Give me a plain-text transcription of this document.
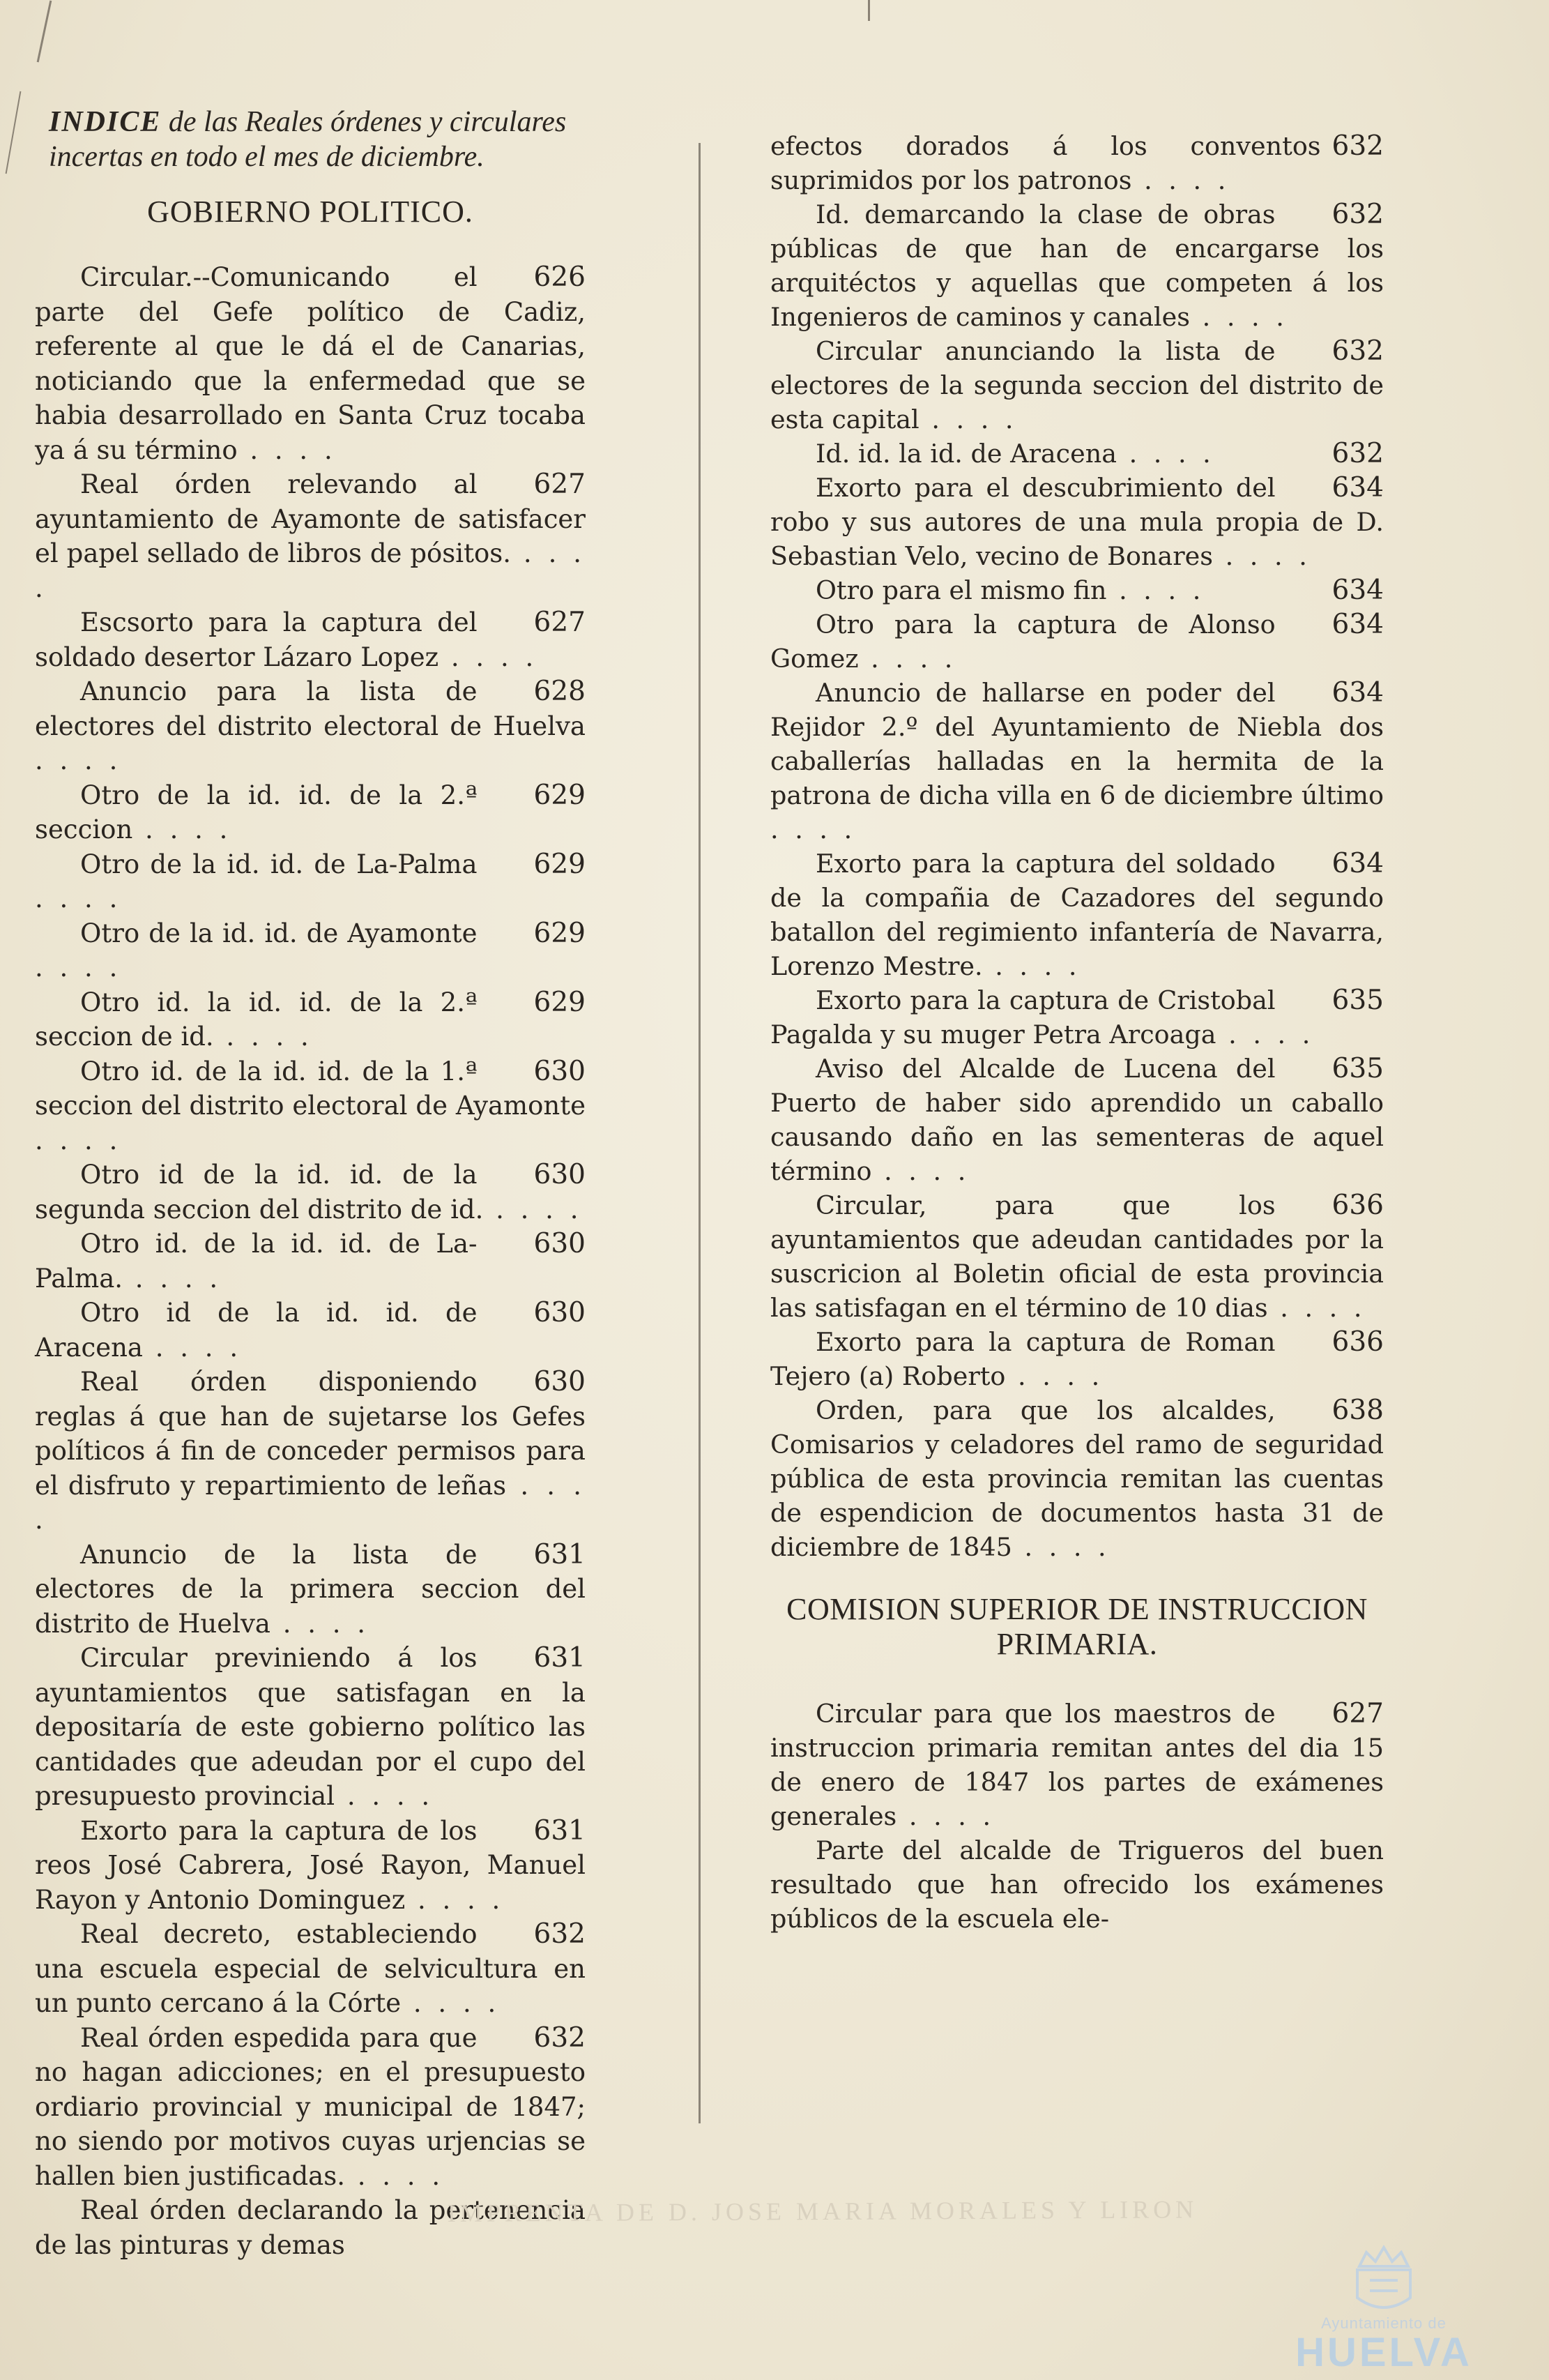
INDICE de las Reales órdenes y circulares incertas en todo el mes de diciembre.
GOBIERNO POLITICO.
626
Circular.--Comunicando el parte del Gefe político de Cadiz, referente al que le dá el de Canarias, noticiando que la enfermedad que se habia desarrollado en Santa Cruz tocaba ya á su término . . . .
627
Real órden relevando al ayuntamiento de Ayamonte de satisfacer el papel sellado de libros de pósitos. . . . .
627
Escsorto para la captura del soldado desertor Lázaro Lopez . . . .
628
Anuncio para la lista de electores del distrito electoral de Huelva . . . .
629
Otro de la id. id. de la 2.ª seccion . . . .
629
Otro de la id. id. de La-Palma . . . .
629
Otro de la id. id. de Ayamonte . . . .
629
Otro id. la id. id. de la 2.ª seccion de id. . . . .
630
Otro id. de la id. id. de la 1.ª seccion del distrito electoral de Ayamonte . . . .
630
Otro id de la id. id. de la segunda seccion del distrito de id. . . . .
630
Otro id. de la id. id. de La-Palma. . . . .
630
Otro id de la id. id. de Aracena . . . .
630
Real órden disponiendo reglas á que han de sujetarse los Gefes políticos á fin de conceder permisos para el disfruto y repartimiento de leñas . . . .
631
Anuncio de la lista de electores de la primera seccion del distrito de Huelva . . . .
631
Circular previniendo á los ayuntamientos que satisfagan en la depositaría de este gobierno político las cantidades que adeudan por el cupo del presupuesto provincial . . . .
631
Exorto para la captura de los reos José Cabrera, José Rayon, Manuel Rayon y Antonio Dominguez . . . .
632
Real decreto, estableciendo una escuela especial de selvicultura en un punto cercano á la Córte . . . .
632
Real órden espedida para que no hagan adicciones; en el presupuesto ordiario provincial y municipal de 1847; no siendo por motivos cuyas urjencias se hallen bien justificadas. . . . .
Real órden declarando la pertenencia de las pinturas y demas
632
efectos dorados á los conventos suprimidos por los patronos . . . .
632
Id. demarcando la clase de obras públicas de que han de encargarse los arquitéctos y aquellas que competen á los Ingenieros de caminos y canales . . . .
632
Circular anunciando la lista de electores de la segunda seccion del distrito de esta capital . . . .
632
Id. id. la id. de Aracena . . . .
634
Exorto para el descubrimiento del robo y sus autores de una mula propia de D. Sebastian Velo, vecino de Bonares . . . .
634
Otro para el mismo fin . . . .
634
Otro para la captura de Alonso Gomez . . . .
634
Anuncio de hallarse en poder del Rejidor 2.º del Ayuntamiento de Niebla dos caballerías halladas en la hermita de la patrona de dicha villa en 6 de diciembre último . . . .
634
Exorto para la captura del soldado de la compañia de Cazadores del segundo batallon del regimiento infantería de Navarra, Lorenzo Mestre. . . . .
635
Exorto para la captura de Cristobal Pagalda y su muger Petra Arcoaga . . . .
635
Aviso del Alcalde de Lucena del Puerto de haber sido aprendido un caballo causando daño en las sementeras de aquel término . . . .
636
Circular, para que los ayuntamientos que adeudan cantidades por la suscricion al Boletin oficial de esta provincia las satisfagan en el término de 10 dias . . . .
636
Exorto para la captura de Roman Tejero (a) Roberto . . . .
638
Orden, para que los alcaldes, Comisarios y celadores del ramo de seguridad pública de esta provincia remitan las cuentas de espendicion de documentos hasta 31 de diciembre de 1845 . . . .
COMISION SUPERIOR DE INSTRUCCION PRIMARIA.
627
Circular para que los maestros de instruccion primaria remitan antes del dia 15 de enero de 1847 los partes de exámenes generales . . . .
Parte del alcalde de Trigueros del buen resultado que han ofrecido los exámenes públicos de la escuela ele-
IMPRENTA DE D. JOSE MARIA MORALES Y LIRON
Ayuntamiento de
HUELVA
